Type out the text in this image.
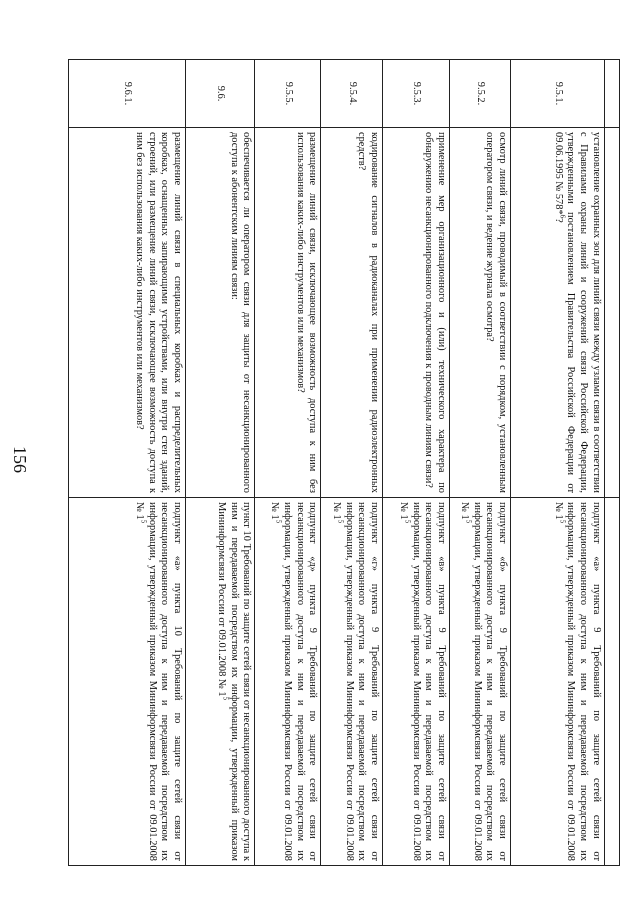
156

9.5.1.	установление охранных зон для линий связи между узлами связи в соответствии с Правилами охраны линий и сооружений связи Российской Федерации, утвержденными постановлением Правительства Российской Федерации от 09.06.1995 № 578*$^6$?	подпункт «а» пункта 9 Требований по защите сетей связи от несанкционированного доступа к ним и передаваемой посредством их информации, утвержденный приказом Мининформсвязи России от 09.01.2008 № $1^5$
9.5.2.	осмотр линий связи, проводимый в соответствии с порядком, установленным оператором связи, и ведение журнала осмотра?	подпункт «б» пункта 9 Требований по защите сетей связи от несанкционированного доступа к ним и передаваемой посредством их информации, утвержденный приказом Мининформсвязи России от 09.01.2008 № $1^5$
9.5.3.	применение мер организационного и (или) технического характера по обнаружению несанкционированного подключения к проводным линиям связи?	подпункт «в» пункта 9 Требований по защите сетей связи от несанкционированного доступа к ним и передаваемой посредством их информации, утвержденный приказом Мининформсвязи России от 09.01.2008 № $1^5$
9.5.4.	кодирование сигналов в радиоканалах при применении радиоэлектронных средств?	подпункт «г» пункта 9 Требований по защите сетей связи от несанкционированного доступа к ним и передаваемой посредством их информации, утвержденный приказом Мининформсвязи России от 09.01.2008 № $1^5$
9.5.5.	размещение линий связи, исключающее возможность доступа к ним без использования каких-либо инструментов или механизмов?	подпункт «д» пункта 9 Требований по защите сетей связи от несанкционированного доступа к ним и передаваемой посредством их информации, утвержденный приказом Мининформсвязи России от 09.01.2008 № $1^5$
9.6.	обеспечивается ли оператором связи для защиты от несанкционированного доступа к абонентским линиям связи:	пункт 10 Требований по защите сетей связи от несанкционированного доступа к ним и передаваемой посредством их информации, утвержденный приказом Мининформсвязи России от 09.01.2008 № $1^5$
9.6.1.	размещение линий связи в специальных коробках и распределительных коробках, оснащенных запирающими устройствами, или внутри стен зданий, строений, или размещение линий связи, исключающее возможность доступа к ним без использования каких-либо инструментов или механизмов?	подпункт «а» пункта 10 Требований по защите сетей связи от несанкционированного доступа к ним и передаваемой посредством их информации, утвержденный приказом Мининформсвязи России от 09.01.2008 № $1^5$
